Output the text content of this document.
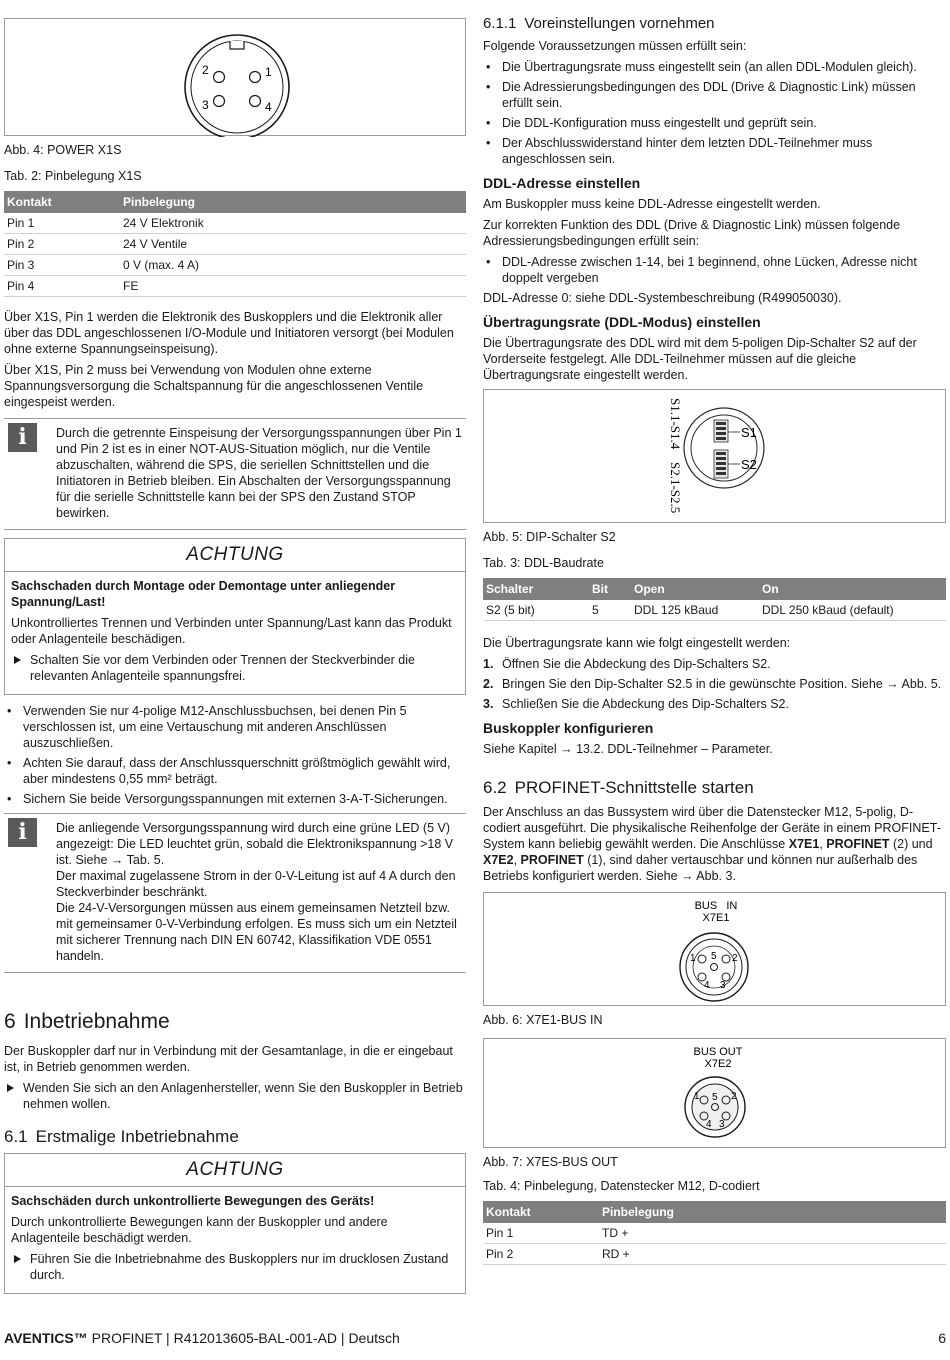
1
2
3	4
Abb. 4: POWER X1S
Tab. 2: Pinbelegung X1S
Kontakt	Pinbelegung
Pin 1	24 V Elektronik
Pin 2	24 V Ventile
Pin 3	0 V (max. 4 A)
Pin 4	FE

Über X1S, Pin 1 werden die Elektronik des Buskopplers und die Elektronik aller über das DDL angeschlossenen I/O-Module und Initiatoren versorgt (bei Modulen ohne externe Spannungseinspeisung).

Über X1S, Pin 2 muss bei Verwendung von Modulen ohne externe Spannungsversorgung die Schaltspannung für die angeschlossenen Ventile eingespeist werden.

i	Durch die getrennte Einspeisung der Versorgungsspannungen über Pin 1 und Pin 2 ist es in einer NOT-AUS-Situation möglich, nur die Ventile abzuschalten, während die SPS, die seriellen Schnittstellen und die Initiatoren in Betrieb bleiben. Ein Abschalten der Versorgungsspannung für die serielle Schnittstelle kann bei der SPS den Zustand STOP bewirken.

ACHTUNG
Sachschaden durch Montage oder Demontage unter anliegender Spannung/Last!

Unkontrolliertes Trennen und Verbinden unter Spannung/Last kann das Produkt oder Anlagenteile beschädigen.

Schalten Sie vor dem Verbinden oder Trennen der Steckverbinder die relevanten Anlagenteile spannungsfrei.
• Verwenden Sie nur 4-polige M12-Anschlussbuchsen, bei denen Pin 5 verschlossen ist, um eine Vertauschung mit anderen Anschlüssen auszuschließen.
• Achten Sie darauf, dass der Anschlussquerschnitt größtmöglich gewählt wird, aber mindestens 0,55 mm² beträgt.
• Sichern Sie beide Versorgungsspannungen mit externen 3-A-T-Sicherungen.
i	Die anliegende Versorgungsspannung wird durch eine grüne LED (5 V) angezeigt: Die LED leuchtet grün, sobald die Elektronikspannung >18 V ist. Siehe → Tab. 5.
Der maximal zugelassene Strom in der 0-V-Leitung ist auf 4 A durch den Steckverbinder beschränkt.
Die 24-V-Versorgungen müssen aus einem gemeinsamen Netzteil bzw. mit gemeinsamer 0-V-Verbindung erfolgen. Es muss sich um ein Netzteil mit sicherer Trennung nach DIN EN 60742, Klassifikation VDE 0551 handeln.
6 Inbetriebnahme

Der Buskoppler darf nur in Verbindung mit der Gesamtanlage, in die er eingebaut ist, in Betrieb genommen werden.

Wenden Sie sich an den Anlagenhersteller, wenn Sie den Buskoppler in Betrieb nehmen wollen.
6.1 Erstmalige Inbetriebnahme
ACHTUNG
Sachschäden durch unkontrollierte Bewegungen des Geräts!

Durch unkontrollierte Bewegungen kann der Buskoppler und andere Anlagenteile beschädigt werden.

Führen Sie die Inbetriebnahme des Buskopplers nur im drucklosen Zustand durch.
6.1.1 Voreinstellungen vornehmen

Folgende Voraussetzungen müssen erfüllt sein:

• Die Übertragungsrate muss eingestellt sein (an allen DDL-Modulen gleich).
• Die Adressierungsbedingungen des DDL (Drive & Diagnostic Link) müssen erfüllt sein.
• Die DDL-Konfiguration muss eingestellt und geprüft sein.
• Der Abschlusswiderstand hinter dem letzten DDL-Teilnehmer muss angeschlossen sein.
DDL-Adresse einstellen

Am Buskoppler muss keine DDL-Adresse eingestellt werden.

Zur korrekten Funktion des DDL (Drive & Diagnostic Link) müssen folgende Adressierungsbedingungen erfüllt sein:

• DDL-Adresse zwischen 1-14, bei 1 beginnend, ohne Lücken, Adresse nicht doppelt vergeben

DDL-Adresse 0: siehe DDL-Systembeschreibung (R499050030).

Übertragungsrate (DDL-Modus) einstellen

Die Übertragungsrate des DDL wird mit dem 5-poligen Dip-Schalter S2 auf der Vorderseite festgelegt. Alle DDL-Teilnehmer müssen auf die gleiche Übertragungsrate eingestellt werden.

S1.1-S1.4
S2.1-S2.5
S1
S2
Abb. 5: DIP-Schalter S2
Tab. 3: DDL-Baudrate
Schalter	Bit	Open	On
S2 (5 bit)	5	DDL 125 kBaud	DDL 250 kBaud (default)

Die Übertragungsrate kann wie folgt eingestellt werden:

1. Öffnen Sie die Abdeckung des Dip-Schalters S2.
2. Bringen Sie den Dip-Schalter S2.5 in die gewünschte Position. Siehe → Abb. 5.
3. Schließen Sie die Abdeckung des Dip-Schalters S2.
Buskoppler konfigurieren

Siehe Kapitel → 13.2. DDL-Teilnehmer – Parameter.

6.2 PROFINET-Schnittstelle starten

Der Anschluss an das Bussystem wird über die Datenstecker M12, 5-polig, D-codiert ausgeführt. Die physikalische Reihenfolge der Geräte in einem PROFINET-System kann beliebig gewählt werden. Die Anschlüsse X7E1, PROFINET (2) und X7E2, PROFINET (1), sind daher vertauschbar und können nur außerhalb des Betriebs konfiguriert werden. Siehe → Abb. 3.

BUS   IN
X7E1
1 5 2
4 3
Abb. 6: X7E1-BUS IN
BUS OUT
X7E2
1 5 2
4 3
Abb. 7: X7ES-BUS OUT
Tab. 4: Pinbelegung, Datenstecker M12, D-codiert
Kontakt	Pinbelegung
Pin 1	TD +
Pin 2	RD +
AVENTICS™ PROFINET | R412013605-BAL-001-AD | Deutsch	6
